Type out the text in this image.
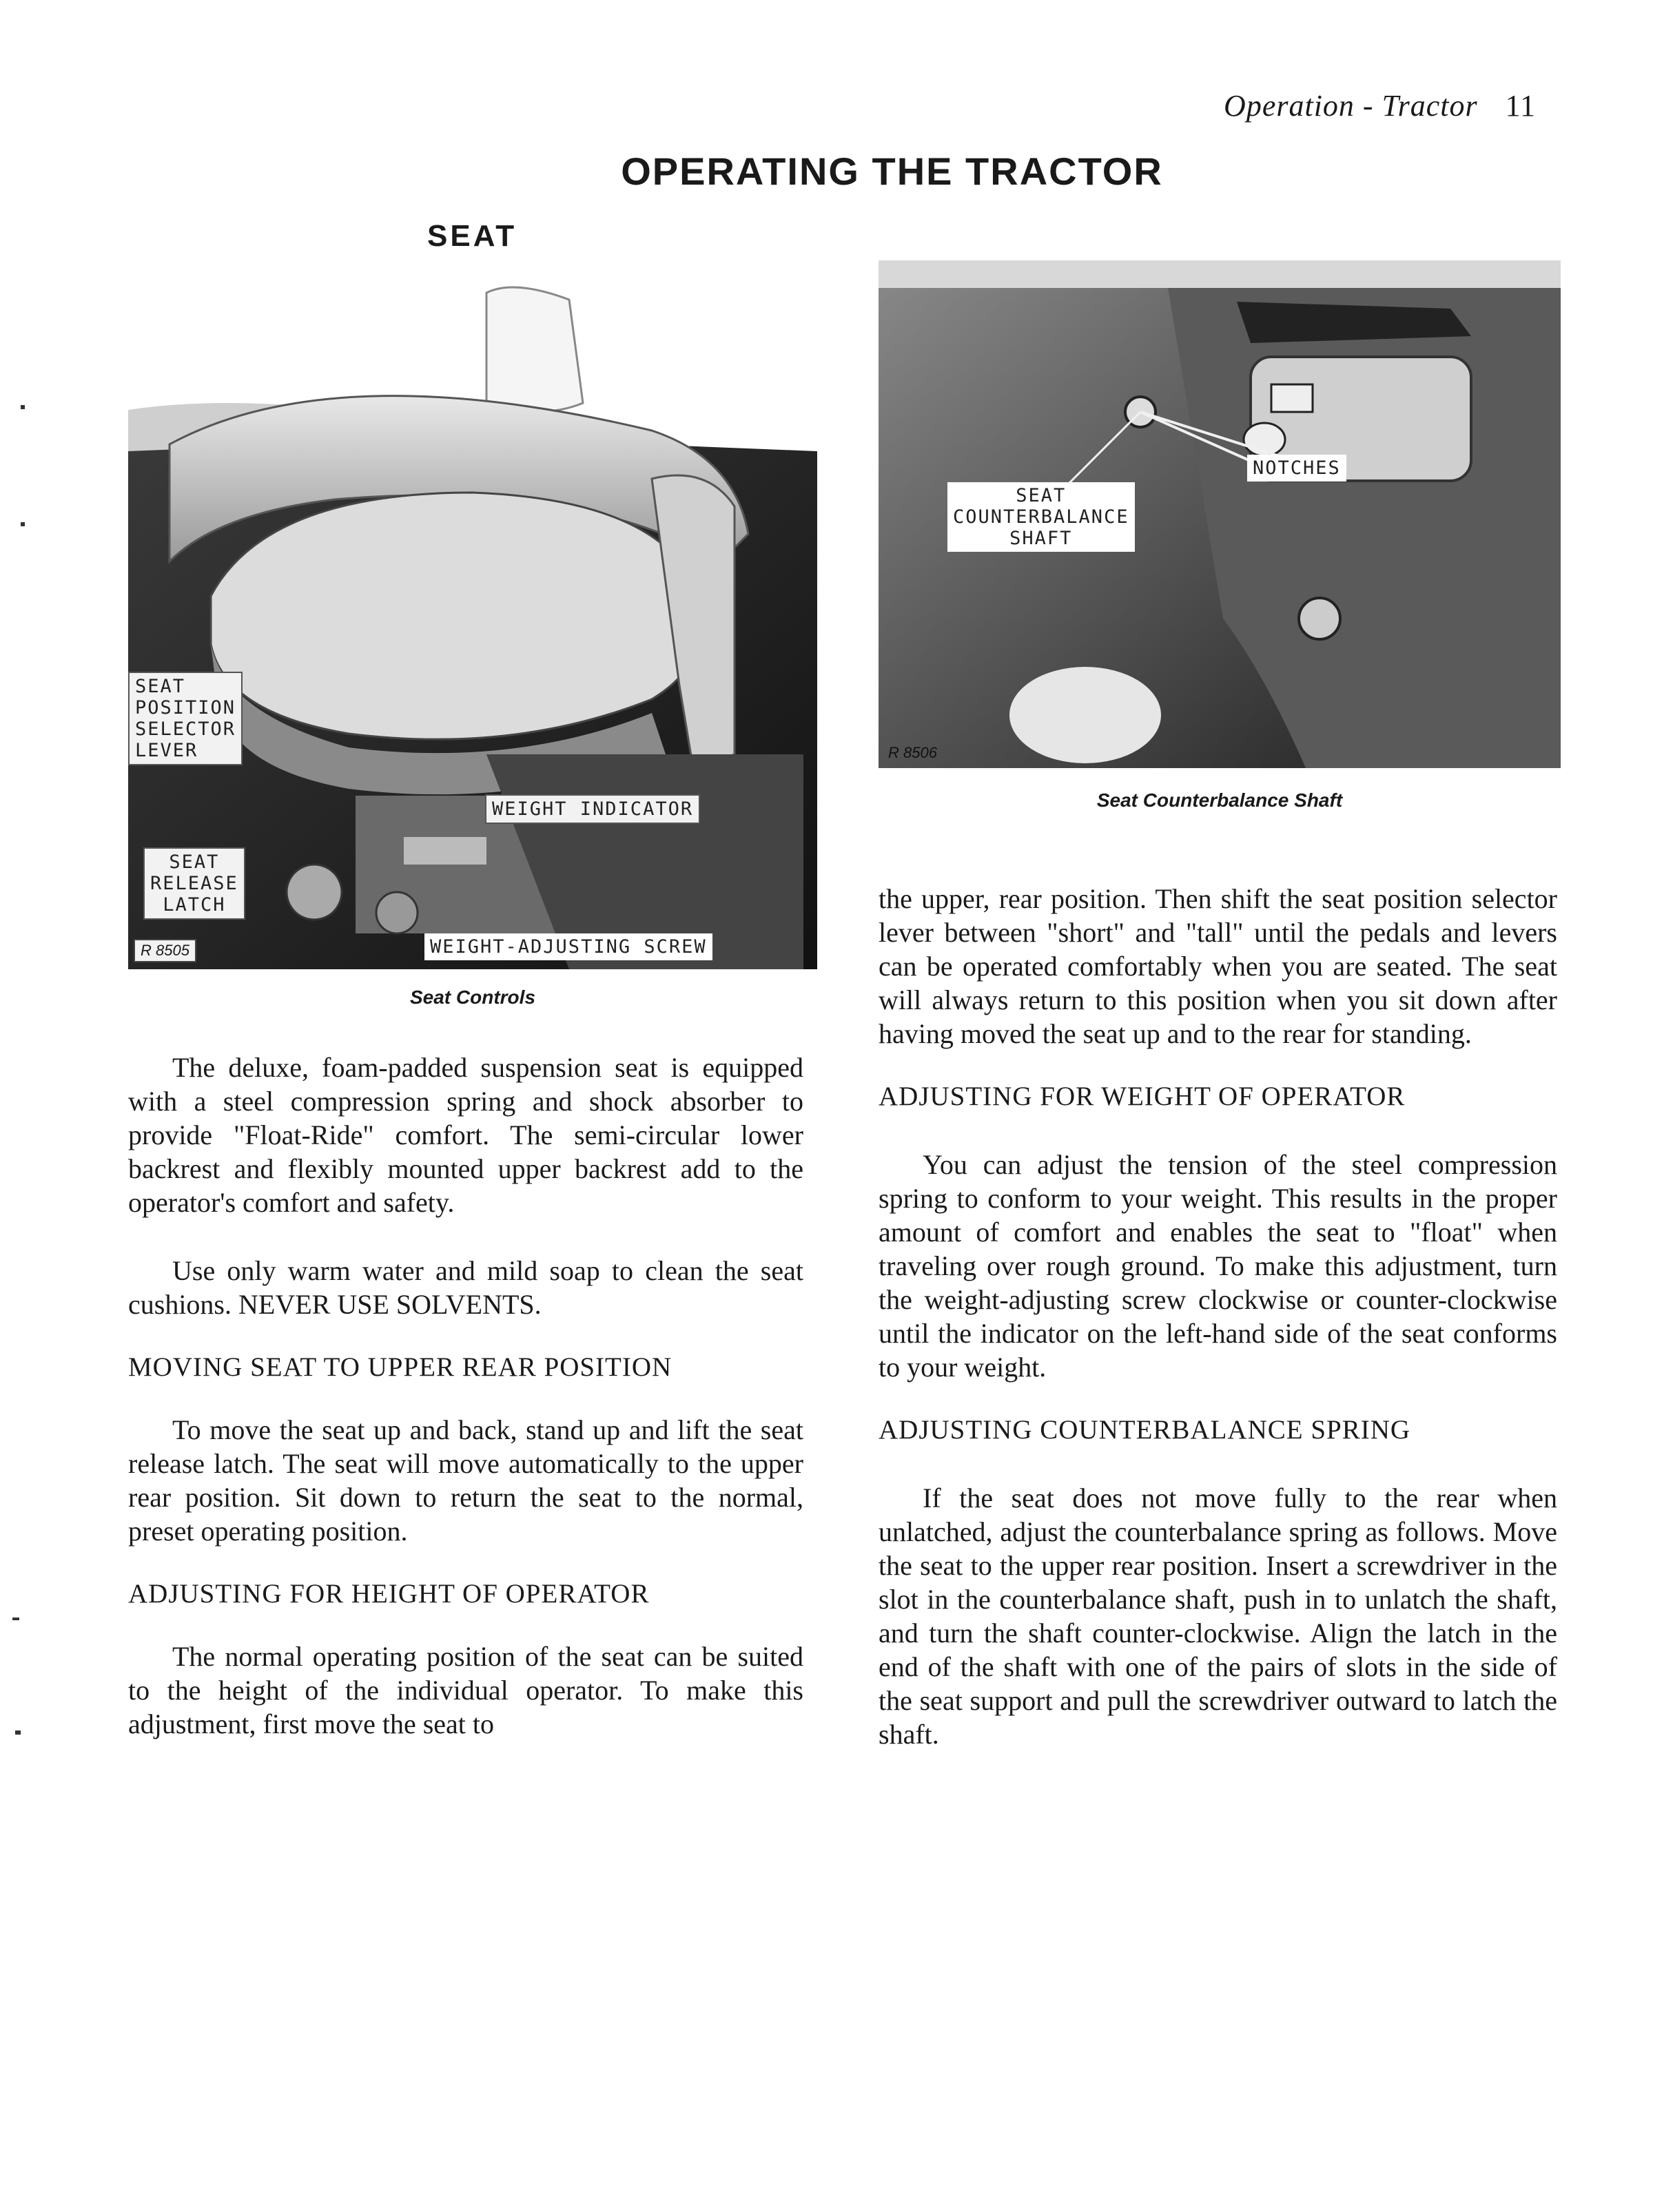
Operation - Tractor 11
OPERATING THE TRACTOR
SEAT
SEAT
POSITION
SELECTOR
LEVER
WEIGHT INDICATOR
SEAT
RELEASE
LATCH
WEIGHT-ADJUSTING SCREW
R 8505
Seat Controls
SEAT
COUNTERBALANCE
SHAFT
NOTCHES
R 8506
Seat Counterbalance Shaft

The deluxe, foam-padded suspension seat is equipped with a steel compression spring and shock absorber to provide "Float-Ride" comfort. The semi-circular lower backrest and flexibly mounted upper backrest add to the operator's comfort and safety.

Use only warm water and mild soap to clean the seat cushions. NEVER USE SOLVENTS.

MOVING SEAT TO UPPER REAR POSITION

To move the seat up and back, stand up and lift the seat release latch. The seat will move automatically to the upper rear position. Sit down to return the seat to the normal, preset operating position.

ADJUSTING FOR HEIGHT OF OPERATOR

The normal operating position of the seat can be suited to the height of the individual operator. To make this adjustment, first move the seat to

the upper, rear position. Then shift the seat position selector lever between "short" and "tall" until the pedals and levers can be operated comfortably when you are seated. The seat will always return to this position when you sit down after having moved the seat up and to the rear for standing.

ADJUSTING FOR WEIGHT OF OPERATOR

You can adjust the tension of the steel compression spring to conform to your weight. This results in the proper amount of comfort and enables the seat to "float" when traveling over rough ground. To make this adjustment, turn the weight-adjusting screw clockwise or counter-clockwise until the indicator on the left-hand side of the seat conforms to your weight.

ADJUSTING COUNTERBALANCE SPRING

If the seat does not move fully to the rear when unlatched, adjust the counterbalance spring as follows. Move the seat to the upper rear position. Insert a screwdriver in the slot in the counterbalance shaft, push in to unlatch the shaft, and turn the shaft counter-clockwise. Align the latch in the end of the shaft with one of the pairs of slots in the side of the seat support and pull the screwdriver outward to latch the shaft.
